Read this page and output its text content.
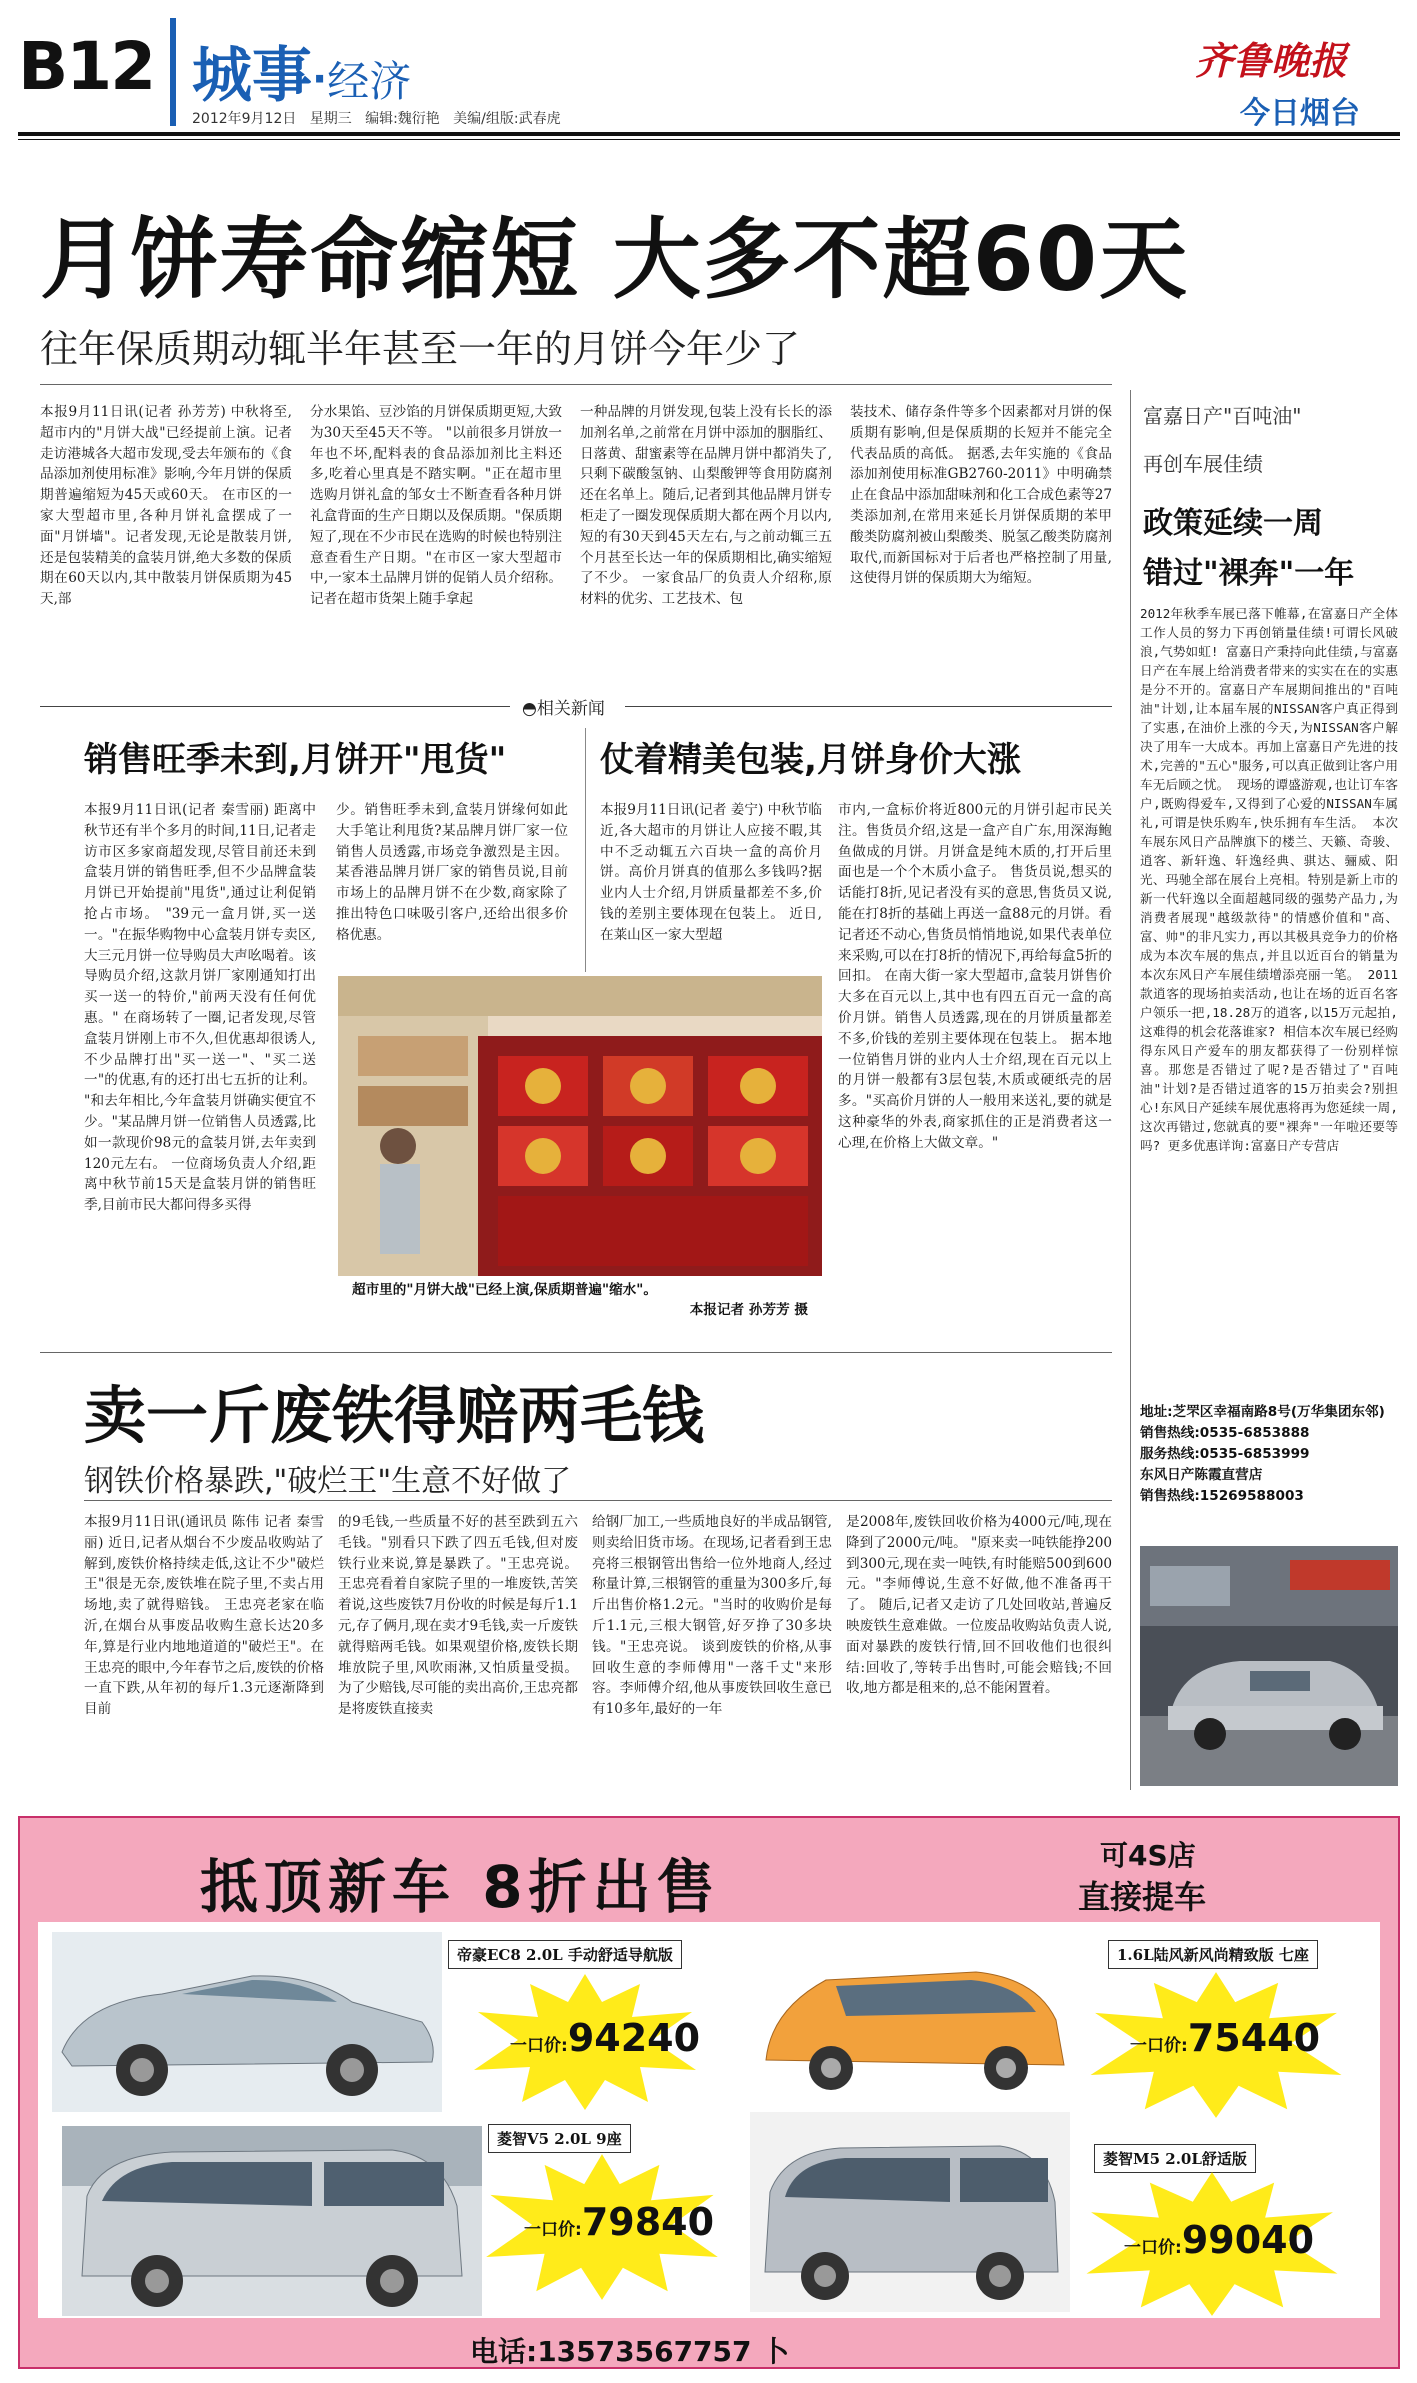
B12 城事·经济
2012年9月12日 星期三 编辑:魏衍艳 美编/组版:武春虎
齐鲁晚报
今日烟台
月饼寿命缩短 大多不超60天
往年保质期动辄半年甚至一年的月饼今年少了
本报9月11日讯(记者 孙芳芳) 中秋将至,超市内的"月饼大战"已经提前上演。记者走访港城各大超市发现,受去年颁布的《食品添加剂使用标准》影响,今年月饼的保质期普遍缩短为45天或60天。 在市区的一家大型超市里,各种月饼礼盒摆成了一面"月饼墙"。记者发现,无论是散装月饼,还是包装精美的盒装月饼,绝大多数的保质期在60天以内,其中散装月饼保质期为45天,部
分水果馅、豆沙馅的月饼保质期更短,大致为30天至45天不等。 "以前很多月饼放一年也不坏,配料表的食品添加剂比主料还多,吃着心里真是不踏实啊。"正在超市里选购月饼礼盒的邹女士不断查看各种月饼礼盒背面的生产日期以及保质期。"保质期短了,现在不少市民在选购的时候也特别注意查看生产日期。"在市区一家大型超市中,一家本土品牌月饼的促销人员介绍称。 记者在超市货架上随手拿起
一种品牌的月饼发现,包装上没有长长的添加剂名单,之前常在月饼中添加的胭脂红、日落黄、甜蜜素等在品牌月饼中都消失了,只剩下碳酸氢钠、山梨酸钾等食用防腐剂还在名单上。随后,记者到其他品牌月饼专柜走了一圈发现保质期大都在两个月以内,短的有30天到45天左右,与之前动辄三五个月甚至长达一年的保质期相比,确实缩短了不少。 一家食品厂的负责人介绍称,原材料的优劣、工艺技术、包
装技术、储存条件等多个因素都对月饼的保质期有影响,但是保质期的长短并不能完全代表品质的高低。 据悉,去年实施的《食品添加剂使用标准GB2760-2011》中明确禁止在食品中添加甜味剂和化工合成色素等27类添加剂,在常用来延长月饼保质期的苯甲酸类防腐剂被山梨酸类、脱氢乙酸类防腐剂取代,而新国标对于后者也严格控制了用量,这使得月饼的保质期大为缩短。
◓相关新闻
销售旺季未到,月饼开"甩货"
本报9月11日讯(记者 秦雪丽) 距离中秋节还有半个多月的时间,11日,记者走访市区多家商超发现,尽管目前还未到盒装月饼的销售旺季,但不少品牌盒装月饼已开始提前"甩货",通过让利促销抢占市场。 "39元一盒月饼,买一送一。"在振华购物中心盒装月饼专卖区,大三元月饼一位导购员大声吆喝着。该导购员介绍,这款月饼厂家刚通知打出买一送一的特价,"前两天没有任何优惠。" 在商场转了一圈,记者发现,尽管盒装月饼刚上市不久,但优惠却很诱人,不少品牌打出"买一送一"、"买二送一"的优惠,有的还打出七五折的让利。 "和去年相比,今年盒装月饼确实便宜不少。"某品牌月饼一位销售人员透露,比如一款现价98元的盒装月饼,去年卖到120元左右。 一位商场负责人介绍,距离中秋节前15天是盒装月饼的销售旺季,目前市民大都问得多买得
少。销售旺季未到,盒装月饼缘何如此大手笔让利甩货?某品牌月饼厂家一位销售人员透露,市场竞争激烈是主因。 某香港品牌月饼厂家的销售员说,目前市场上的品牌月饼不在少数,商家除了推出特色口味吸引客户,还给出很多价格优惠。
仗着精美包装,月饼身价大涨
本报9月11日讯(记者 姜宁) 中秋节临近,各大超市的月饼让人应接不暇,其中不乏动辄五六百块一盒的高价月饼。高价月饼真的值那么多钱吗?据业内人士介绍,月饼质量都差不多,价钱的差别主要体现在包装上。 近日,在莱山区一家大型超
市内,一盒标价将近800元的月饼引起市民关注。售货员介绍,这是一盒产自广东,用深海鲍鱼做成的月饼。月饼盒是纯木质的,打开后里面也是一个个木质小盒子。 售货员说,想买的话能打8折,见记者没有买的意思,售货员又说,能在打8折的基础上再送一盒88元的月饼。看记者还不动心,售货员悄悄地说,如果代表单位来采购,可以在打8折的情况下,再给每盒5折的回扣。 在南大街一家大型超市,盒装月饼售价大多在百元以上,其中也有四五百元一盒的高价月饼。销售人员透露,现在的月饼质量都差不多,价钱的差别主要体现在包装上。 据本地一位销售月饼的业内人士介绍,现在百元以上的月饼一般都有3层包装,木质或硬纸壳的居多。"买高价月饼的人一般用来送礼,要的就是这种豪华的外表,商家抓住的正是消费者这一心理,在价格上大做文章。"
超市里的"月饼大战"已经上演,保质期普遍"缩水"。
本报记者 孙芳芳 摄
卖一斤废铁得赔两毛钱
钢铁价格暴跌,"破烂王"生意不好做了
本报9月11日讯(通讯员 陈伟 记者 秦雪丽) 近日,记者从烟台不少废品收购站了解到,废铁价格持续走低,这让不少"破烂王"很是无奈,废铁堆在院子里,不卖占用场地,卖了就得赔钱。 王忠亮老家在临沂,在烟台从事废品收购生意长达20多年,算是行业内地地道道的"破烂王"。在王忠亮的眼中,今年春节之后,废铁的价格一直下跌,从年初的每斤1.3元逐渐降到目前
的9毛钱,一些质量不好的甚至跌到五六毛钱。"别看只下跌了四五毛钱,但对废铁行业来说,算是暴跌了。"王忠亮说。 王忠亮看着自家院子里的一堆废铁,苦笑着说,这些废铁7月份收的时候是每斤1.1元,存了俩月,现在卖才9毛钱,卖一斤废铁就得赔两毛钱。如果观望价格,废铁长期堆放院子里,风吹雨淋,又怕质量受损。 为了少赔钱,尽可能的卖出高价,王忠亮都是将废铁直接卖
给钢厂加工,一些质地良好的半成品钢管,则卖给旧货市场。在现场,记者看到王忠亮将三根钢管出售给一位外地商人,经过称量计算,三根钢管的重量为300多斤,每斤出售价格1.2元。"当时的收购价是每斤1.1元,三根大钢管,好歹挣了30多块钱。"王忠亮说。 谈到废铁的价格,从事回收生意的李师傅用"一落千丈"来形容。李师傅介绍,他从事废铁回收生意已有10多年,最好的一年
是2008年,废铁回收价格为4000元/吨,现在降到了2000元/吨。 "原来卖一吨铁能挣200到300元,现在卖一吨铁,有时能赔500到600元。"李师傅说,生意不好做,他不准备再干了。 随后,记者又走访了几处回收站,普遍反映废铁生意难做。一位废品收购站负责人说,面对暴跌的废铁行情,回不回收他们也很纠结:回收了,等转手出售时,可能会赔钱;不回收,地方都是租来的,总不能闲置着。
富嘉日产"百吨油"
再创车展佳绩
政策延续一周
错过"裸奔"一年
2012年秋季车展已落下帷幕,在富嘉日产全体工作人员的努力下再创销量佳绩!可谓长风破浪,气势如虹! 富嘉日产秉持向此佳绩,与富嘉日产在车展上给消费者带来的实实在在的实惠是分不开的。富嘉日产车展期间推出的"百吨油"计划,让本届车展的NISSAN客户真正得到了实惠,在油价上涨的今天,为NISSAN客户解决了用车一大成本。再加上富嘉日产先进的技术,完善的"五心"服务,可以真正做到让客户用车无后顾之忧。 现场的谭盛游观,也让订车客户,既购得爱车,又得到了心爱的NISSAN车属礼,可谓是快乐购车,快乐拥有车生活。 本次车展东风日产品牌旗下的楼兰、天籁、奇骏、逍客、新轩逸、轩逸经典、骐达、骊威、阳光、玛驰全部在展台上亮相。特别是新上市的新一代轩逸以全面超越同级的强势产品力,为消费者展现"越级款待"的情感价值和"高、富、帅"的非凡实力,再以其极具竞争力的价格成为本次车展的焦点,并且以近百台的销量为本次东风日产车展佳绩增添亮丽一笔。 2011款逍客的现场拍卖活动,也让在场的近百名客户领乐一把,18.28万的逍客,以15万元起拍,这难得的机会花落谁家? 相信本次车展已经购得东风日产爱车的朋友都获得了一份别样惊喜。那您是否错过了呢?是否错过了"百吨油"计划?是否错过逍客的15万拍卖会?别担心!东风日产延续车展优惠将再为您延续一周,这次再错过,您就真的要"裸奔"一年啦还要等吗? 更多优惠详询:富嘉日产专营店
地址:芝罘区幸福南路8号(万华集团东邻)
销售热线:0535-6853888
服务热线:0535-6853999
东风日产陈霞直营店
销售热线:15269588003
抵顶新车 8折出售	可4S店
直接提车
帝豪EC8 2.0L 手动舒适导航版
一口价:94240
1.6L陆风新风尚精致版 七座
一口价:75440
菱智V5 2.0L 9座
一口价:79840
菱智M5 2.0L舒适版
一口价:99040
电话:13573567757 卜
